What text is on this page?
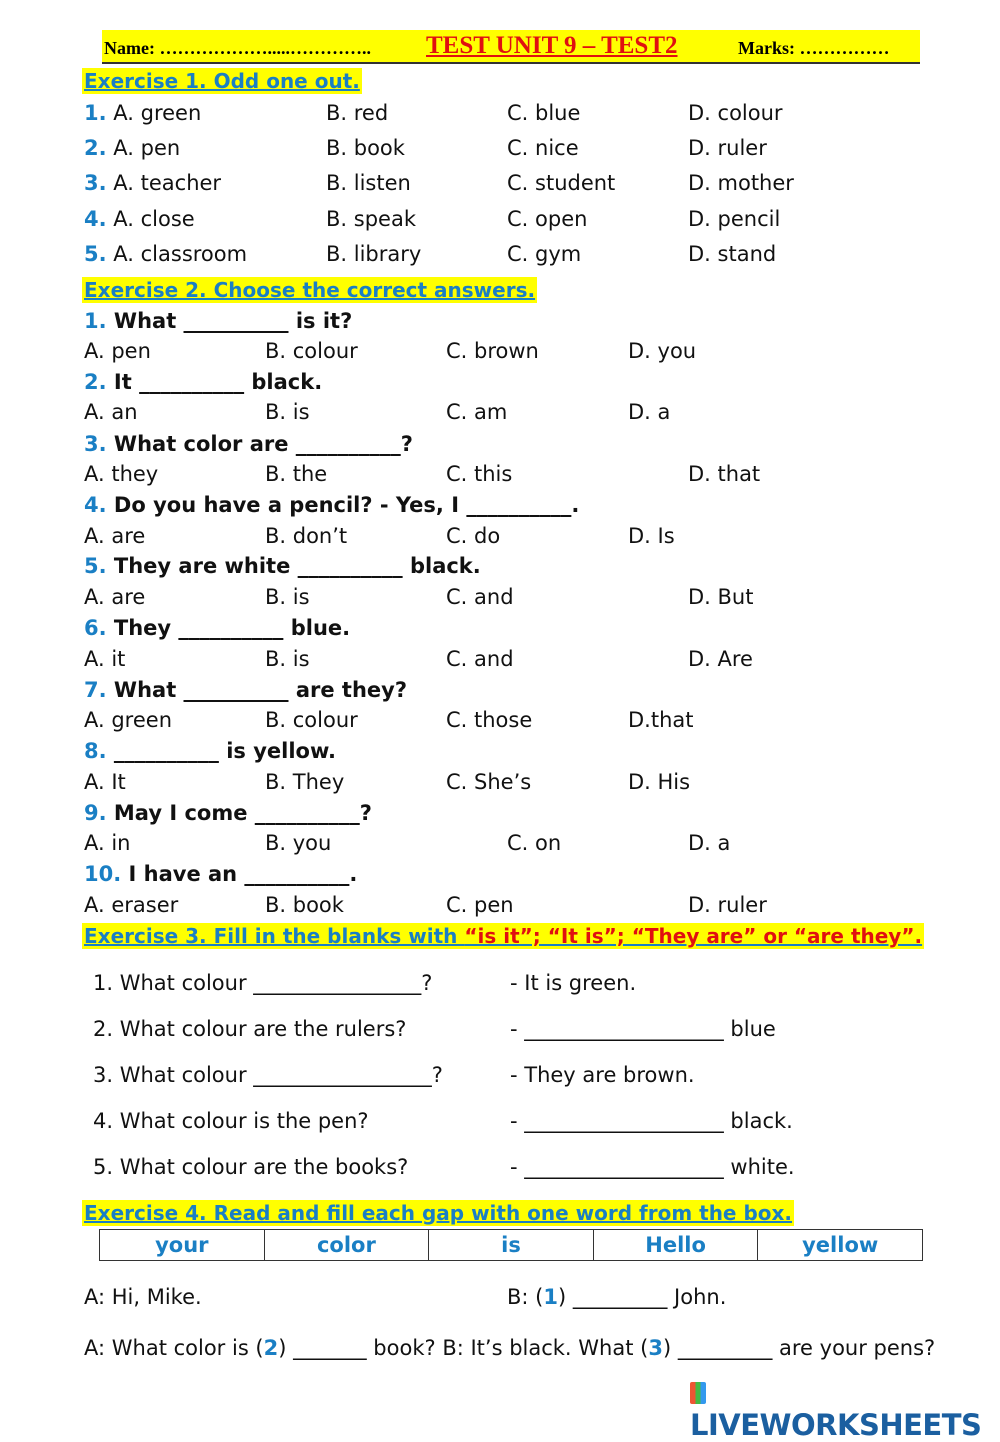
Name: ……………….....………….. TEST UNIT 9 – TEST2	Marks: ……………
Exercise 1. Odd one out.
1. A. green	B. red	C. blue	D. colour
2. A. pen	B. book	C. nice	D. ruler
3. A. teacher	B. listen	C. student	D. mother
4. A. close	B. speak	C. open	D. pencil
5. A. classroom	B. library	C. gym	D. stand
Exercise 2. Choose the correct answers.
1. What __________ is it?
A. pen	B. colour	C. brown	D. you
2. It __________ black.
A. an	B. is	C. am	D. a
3. What color are __________?
A. they	B. the	C. this	D. that
4. Do you have a pencil? - Yes, I __________.
A. are	B. don’t	C. do	D. Is
5. They are white __________ black.
A. are	B. is	C. and	D. But
6. They __________ blue.
A. it	B. is	C. and	D. Are
7. What __________ are they?
A. green	B. colour	C. those	D.that
8. __________ is yellow.
A. It	B. They	C. She’s	D. His
9. May I come __________?
A. in	B. you	C. on	D. a
10. I have an __________.
A. eraser	B. book	C. pen	D. ruler
Exercise 3. Fill in the blanks with “is it”; “It is”; “They are” or “are they”.
1. What colour ________________?	- It is green.
2. What colour are the rulers?	- ___________________ blue
3. What colour _________________?	- They are brown.
4. What colour is the pen?	- ___________________ black.
5. What colour are the books?	- ___________________ white.
Exercise 4. Read and fill each gap with one word from the box.
your	color	is	Hello	yellow
A: Hi, Mike.	B: (1) _________ John.
A: What color is (2) _______ book? B: It’s black. What (3) _________ are your pens?
LIVEWORKSHEETS
